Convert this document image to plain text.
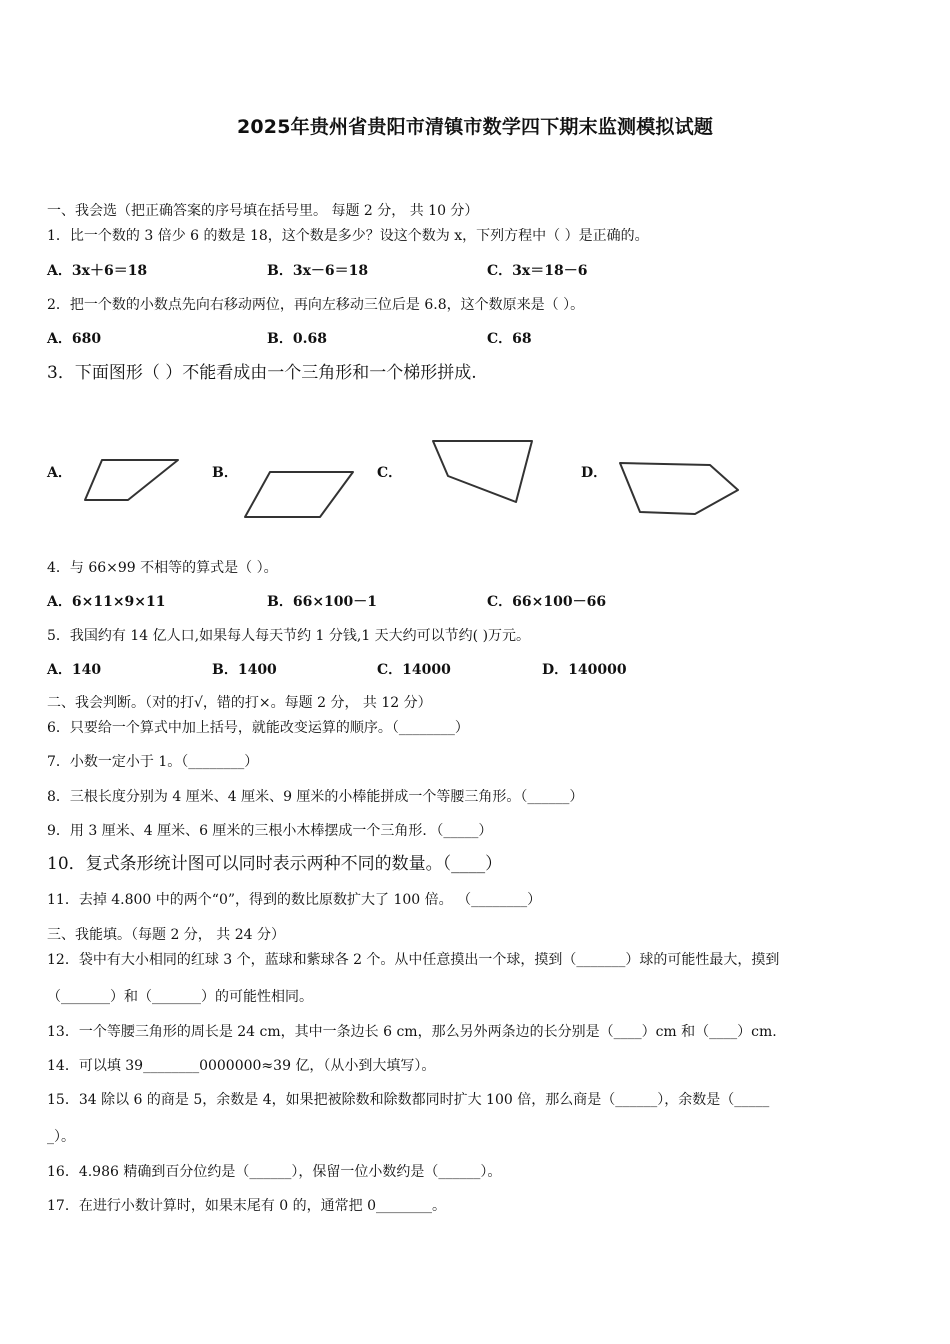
2025年贵州省贵阳市清镇市数学四下期末监测模拟试题
一、我会选（把正确答案的序号填在括号里。 每题 2 分， 共 10 分）
1．比一个数的 3 倍少 6 的数是 18，这个数是多少？设这个数为 x，下列方程中（ ）是正确的。
A．3x＋6＝18	B．3x－6＝18	C．3x＝18－6
2．把一个数的小数点先向右移动两位，再向左移动三位后是 6.8，这个数原来是（ ）。
A．680	B．0.68	C．68
3．下面图形（ ）不能看成由一个三角形和一个梯形拼成.
A．	B．	C．	D．
4．与 66×99 不相等的算式是（ ）。
A．6×11×9×11	B．66×100－1	C．66×100－66
5．我国约有 14 亿人口,如果每人每天节约 1 分钱,1 天大约可以节约( )万元。
A．140	B．1400	C．14000	D．140000
二、我会判断。（对的打√，错的打×。每题 2 分， 共 12 分）
6．只要给一个算式中加上括号，就能改变运算的顺序。（________）
7．小数一定小于 1。（________）
8．三根长度分别为 4 厘米、4 厘米、9 厘米的小棒能拼成一个等腰三角形。（______）
9．用 3 厘米、4 厘米、6 厘米的三根小木棒摆成一个三角形．（_____）
10．复式条形统计图可以同时表示两种不同的数量。（____）
11．去掉 4.800 中的两个“0”，得到的数比原数扩大了 100 倍。 （________）
三、我能填。（每题 2 分， 共 24 分）
12．袋中有大小相同的红球 3 个，蓝球和紫球各 2 个。从中任意摸出一个球，摸到（_______）球的可能性最大，摸到
（_______）和（_______）的可能性相同。
13．一个等腰三角形的周长是 24 cm，其中一条边长 6 cm，那么另外两条边的长分别是（____）cm 和（____）cm.
14．可以填 39________0000000≈39 亿，（从小到大填写）。
15．34 除以 6 的商是 5，余数是 4，如果把被除数和除数都同时扩大 100 倍，那么商是（______），余数是（_____
_）。
16．4.986 精确到百分位约是（______），保留一位小数约是（______）。
17．在进行小数计算时，如果末尾有 0 的，通常把 0________。
